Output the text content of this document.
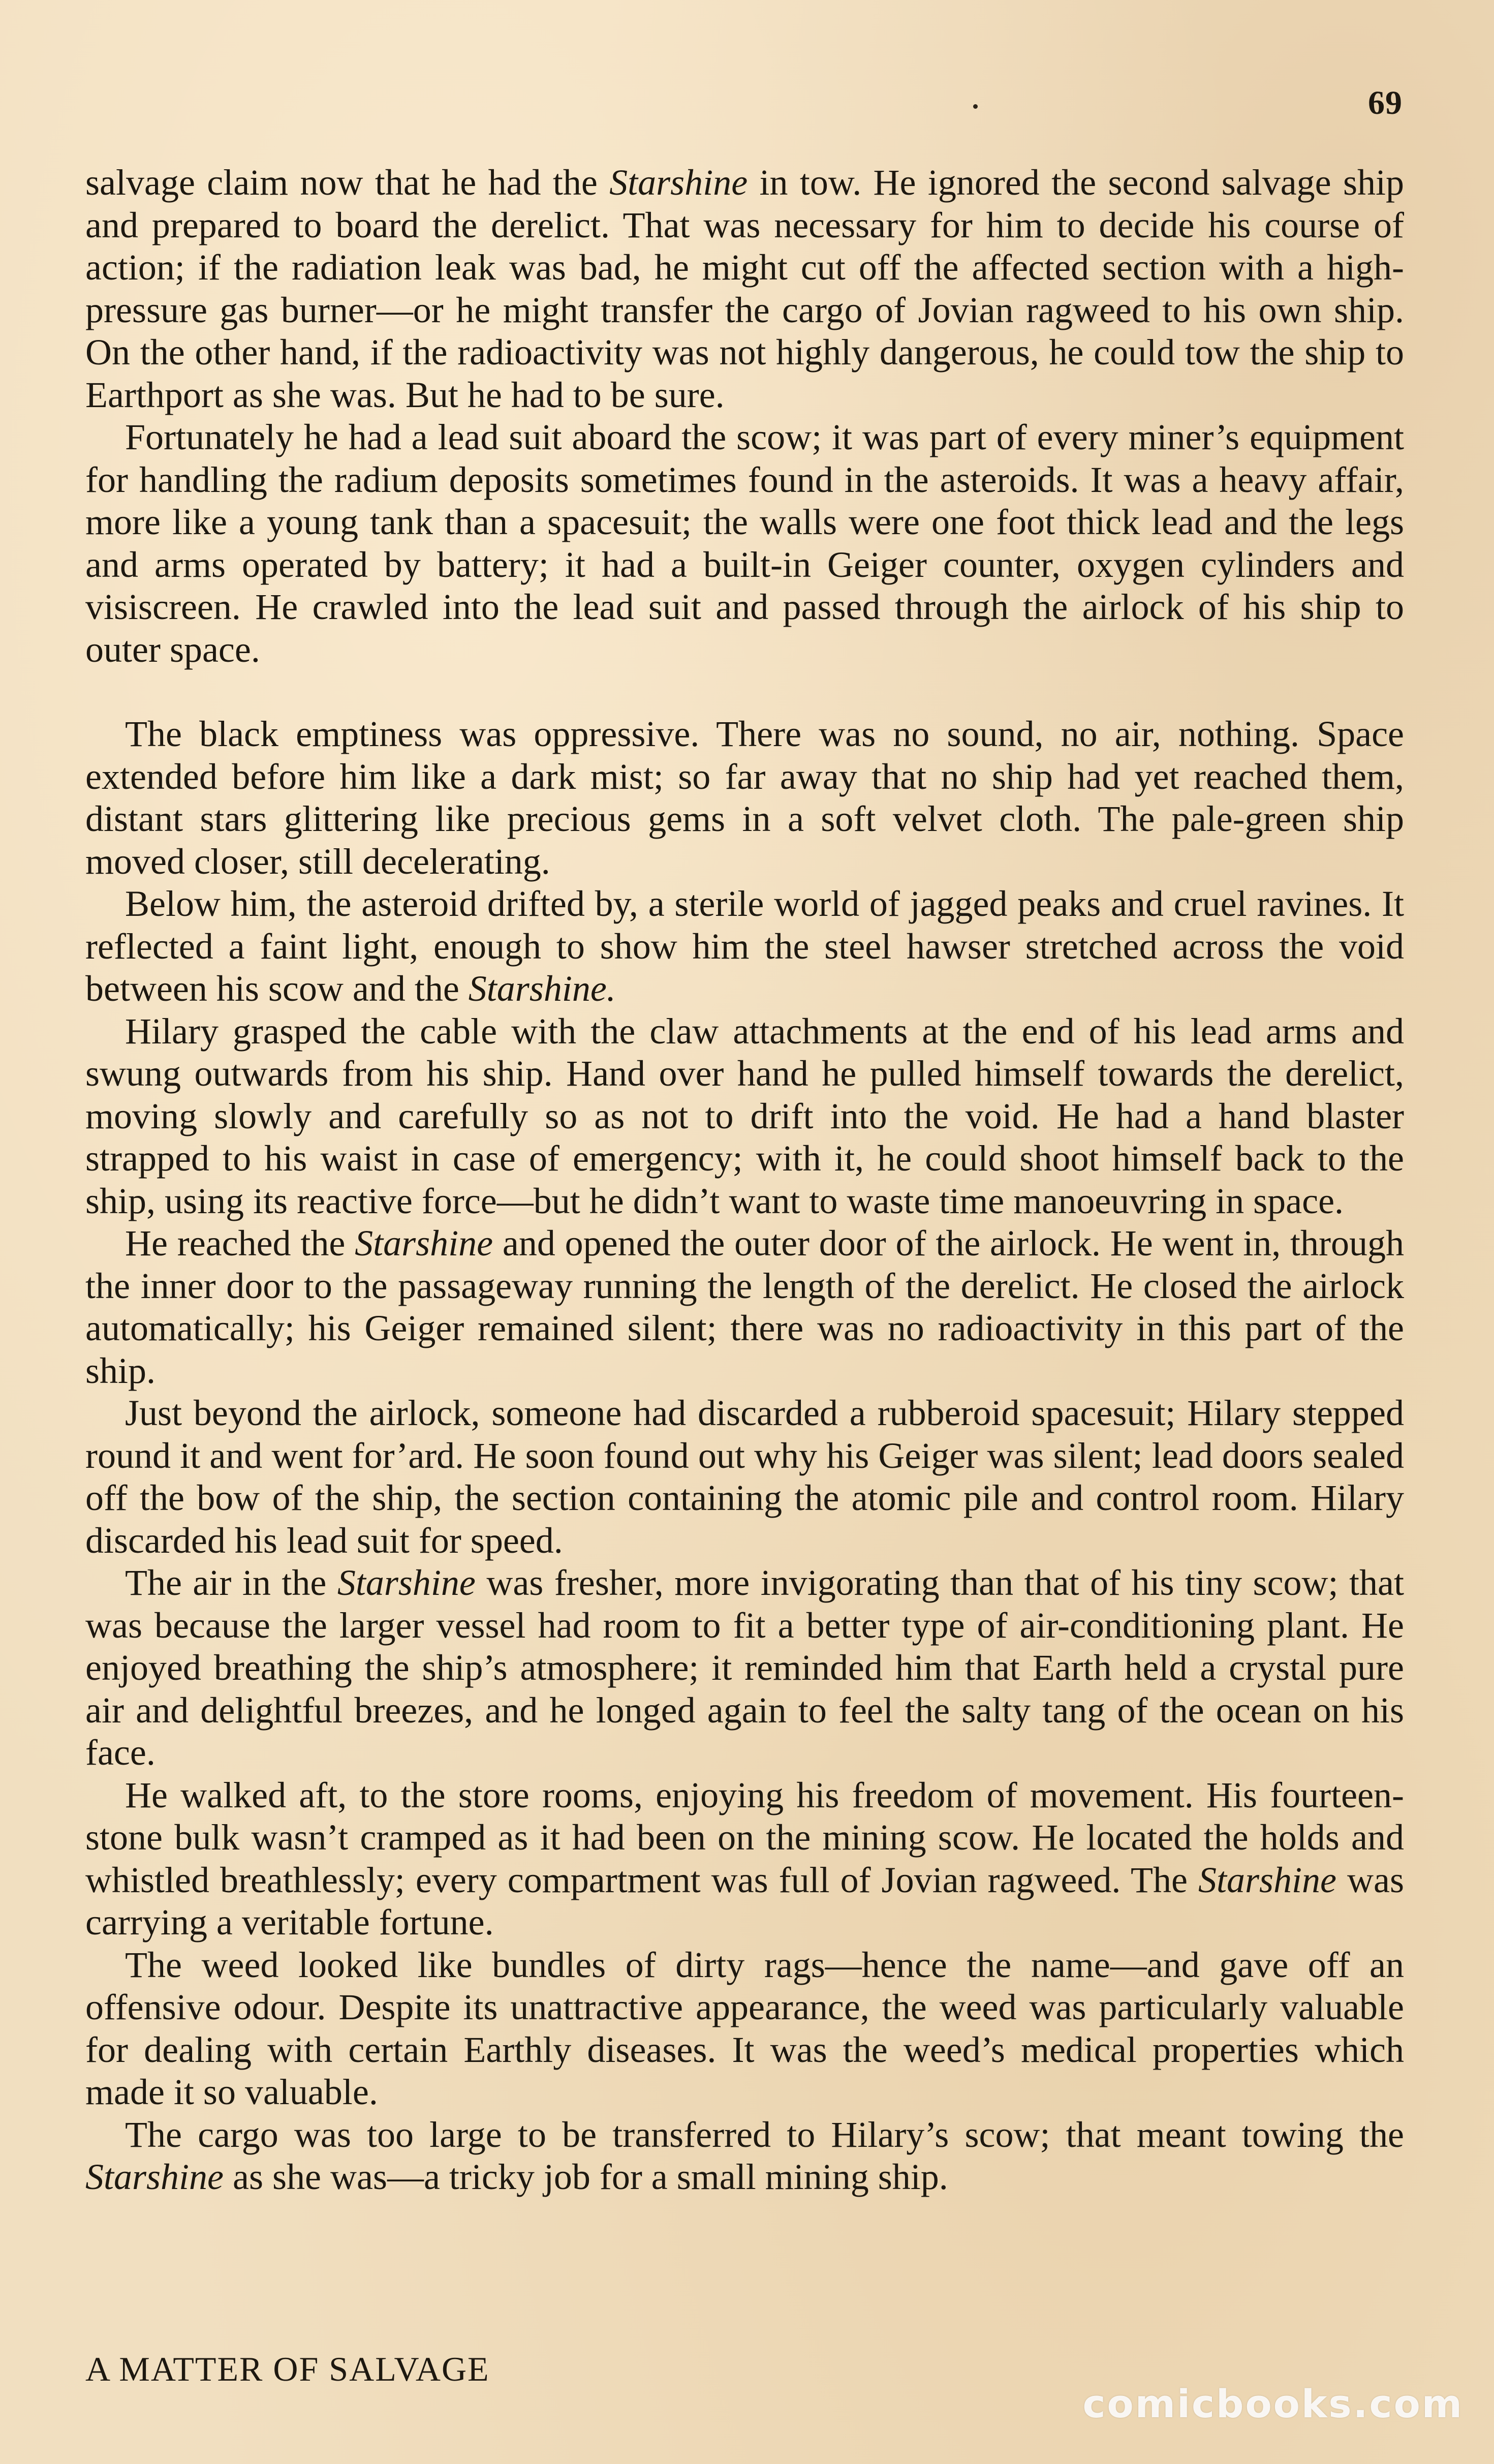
69

salvage claim now that he had the Starshine in tow. He ignored the second salvage ship and prepared to board the derelict. That was necessary for him to decide his course of action; if the radiation leak was bad, he might cut off the affected section with a high-pressure gas burner—or he might transfer the cargo of Jovian ragweed to his own ship. On the other hand, if the radioactivity was not highly dangerous, he could tow the ship to Earthport as she was. But he had to be sure.

Fortunately he had a lead suit aboard the scow; it was part of every miner’s equipment for handling the radium deposits sometimes found in the asteroids. It was a heavy affair, more like a young tank than a spacesuit; the walls were one foot thick lead and the legs and arms operated by battery; it had a built-in Geiger counter, oxygen cylinders and visiscreen. He crawled into the lead suit and passed through the airlock of his ship to outer space.

The black emptiness was oppressive. There was no sound, no air, nothing. Space extended before him like a dark mist; so far away that no ship had yet reached them, distant stars glittering like precious gems in a soft velvet cloth. The pale-green ship moved closer, still decelerating.

Below him, the asteroid drifted by, a sterile world of jagged peaks and cruel ravines. It reflected a faint light, enough to show him the steel hawser stretched across the void between his scow and the Starshine.

Hilary grasped the cable with the claw attachments at the end of his lead arms and swung outwards from his ship. Hand over hand he pulled himself towards the derelict, moving slowly and carefully so as not to drift into the void. He had a hand blaster strapped to his waist in case of emergency; with it, he could shoot himself back to the ship, using its reactive force—but he didn’t want to waste time manoeuvring in space.

He reached the Starshine and opened the outer door of the airlock. He went in, through the inner door to the passageway running the length of the derelict. He closed the airlock automatically; his Geiger remained silent; there was no radioactivity in this part of the ship.

Just beyond the airlock, someone had discarded a rubberoid spacesuit; Hilary stepped round it and went for’ard. He soon found out why his Geiger was silent; lead doors sealed off the bow of the ship, the section containing the atomic pile and control room. Hilary discarded his lead suit for speed.

The air in the Starshine was fresher, more invigorating than that of his tiny scow; that was because the larger vessel had room to fit a better type of air-conditioning plant. He enjoyed breathing the ship’s atmosphere; it reminded him that Earth held a crystal pure air and delightful breezes, and he longed again to feel the salty tang of the ocean on his face.

He walked aft, to the store rooms, enjoying his freedom of movement. His fourteen-stone bulk wasn’t cramped as it had been on the mining scow. He located the holds and whistled breathlessly; every compartment was full of Jovian ragweed. The Starshine was carrying a veritable fortune.

The weed looked like bundles of dirty rags—hence the name—and gave off an offensive odour. Despite its unattractive appearance, the weed was particularly valuable for dealing with certain Earthly diseases. It was the weed’s medical properties which made it so valuable.

The cargo was too large to be transferred to Hilary’s scow; that meant towing the Starshine as she was—a tricky job for a small mining ship.

A MATTER OF SALVAGE
comicbooks.com
